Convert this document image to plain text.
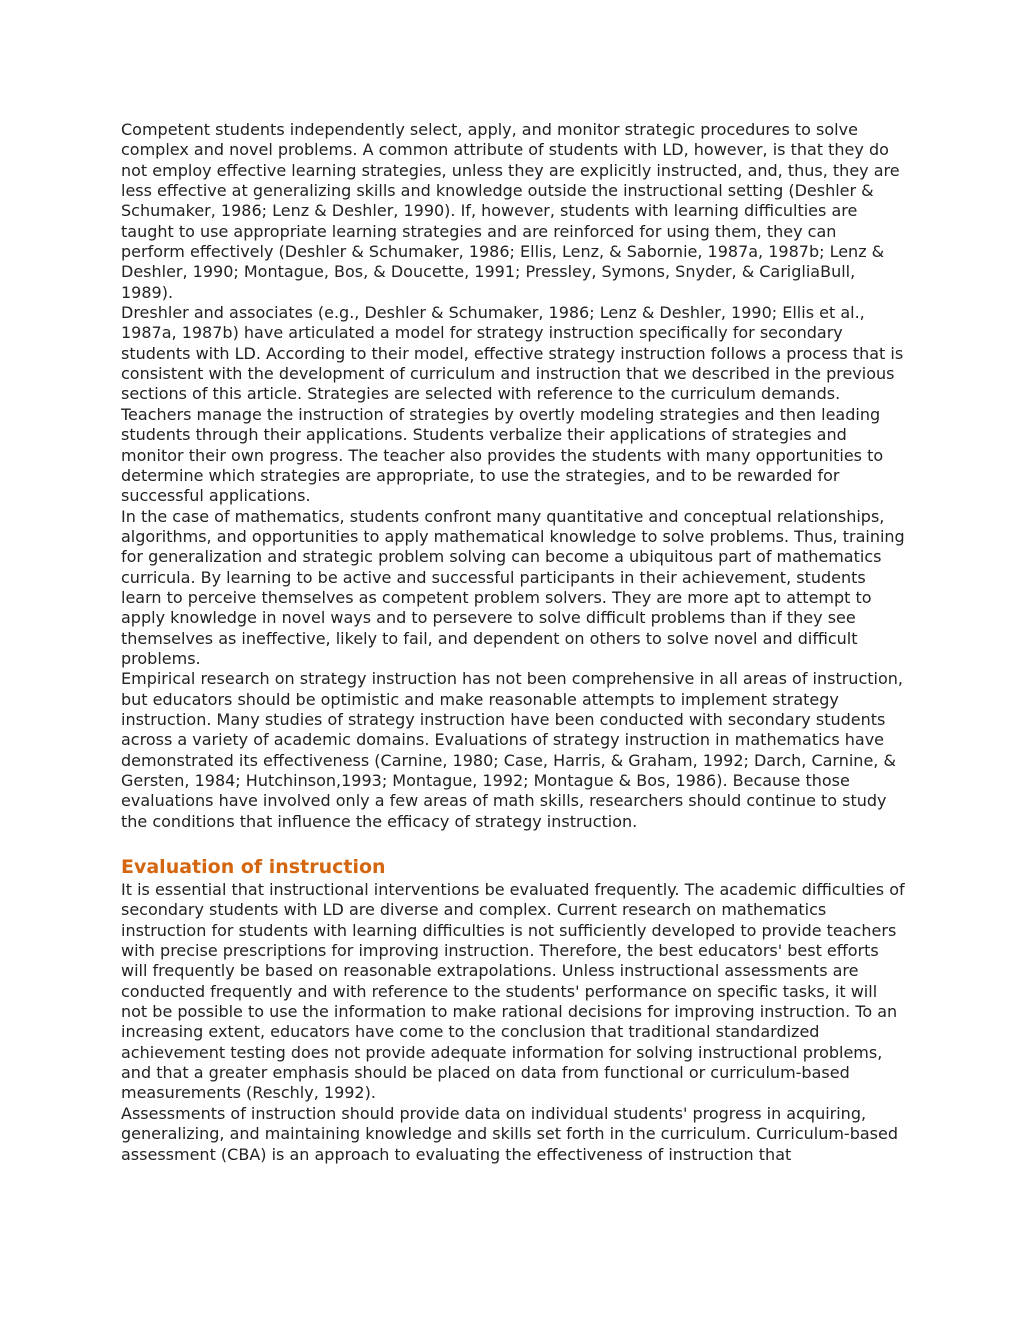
Competent students independently select, apply, and monitor strategic procedures to solve complex and novel problems. A common attribute of students with LD, however, is that they do not employ effective learning strategies, unless they are explicitly instructed, and, thus, they are less effective at generalizing skills and knowledge outside the instructional setting (Deshler & Schumaker, 1986; Lenz & Deshler, 1990). If, however, students with learning difficulties are taught to use appropriate learning strategies and are reinforced for using them, they can perform effectively (Deshler & Schumaker, 1986; Ellis, Lenz, & Sabornie, 1987a, 1987b; Lenz & Deshler, 1990; Montague, Bos, & Doucette, 1991; Pressley, Symons, Snyder, & CarigliaBull, 1989).

Dreshler and associates (e.g., Deshler & Schumaker, 1986; Lenz & Deshler, 1990; Ellis et al., 1987a, 1987b) have articulated a model for strategy instruction specifically for secondary students with LD. According to their model, effective strategy instruction follows a process that is consistent with the development of curriculum and instruction that we described in the previous sections of this article. Strategies are selected with reference to the curriculum demands. Teachers manage the instruction of strategies by overtly modeling strategies and then leading students through their applications. Students verbalize their applications of strategies and monitor their own progress. The teacher also provides the students with many opportunities to determine which strategies are appropriate, to use the strategies, and to be rewarded for successful applications.

In the case of mathematics, students confront many quantitative and conceptual relationships, algorithms, and opportunities to apply mathematical knowledge to solve problems. Thus, training for generalization and strategic problem solving can become a ubiquitous part of mathematics curricula. By learning to be active and successful participants in their achievement, students learn to perceive themselves as competent problem solvers. They are more apt to attempt to apply knowledge in novel ways and to persevere to solve difficult problems than if they see themselves as ineffective, likely to fail, and dependent on others to solve novel and difficult problems.

Empirical research on strategy instruction has not been comprehensive in all areas of instruction, but educators should be optimistic and make reasonable attempts to implement strategy instruction. Many studies of strategy instruction have been conducted with secondary students across a variety of academic domains. Evaluations of strategy instruction in mathematics have demonstrated its effectiveness (Carnine, 1980; Case, Harris, & Graham, 1992; Darch, Carnine, & Gersten, 1984; Hutchinson,1993; Montague, 1992; Montague & Bos, 1986). Because those evaluations have involved only a few areas of math skills, researchers should continue to study the conditions that influence the efficacy of strategy instruction.

Evaluation of instruction

It is essential that instructional interventions be evaluated frequently. The academic difficulties of secondary students with LD are diverse and complex. Current research on mathematics instruction for students with learning difficulties is not sufficiently developed to provide teachers with precise prescriptions for improving instruction. Therefore, the best educators' best efforts will frequently be based on reasonable extrapolations. Unless instructional assessments are conducted frequently and with reference to the students' performance on specific tasks, it will not be possible to use the information to make rational decisions for improving instruction. To an increasing extent, educators have come to the conclusion that traditional standardized achievement testing does not provide adequate information for solving instructional problems, and that a greater emphasis should be placed on data from functional or curriculum-based measurements (Reschly, 1992).

Assessments of instruction should provide data on individual students' progress in acquiring, generalizing, and maintaining knowledge and skills set forth in the curriculum. Curriculum-based assessment (CBA) is an approach to evaluating the effectiveness of instruction that
